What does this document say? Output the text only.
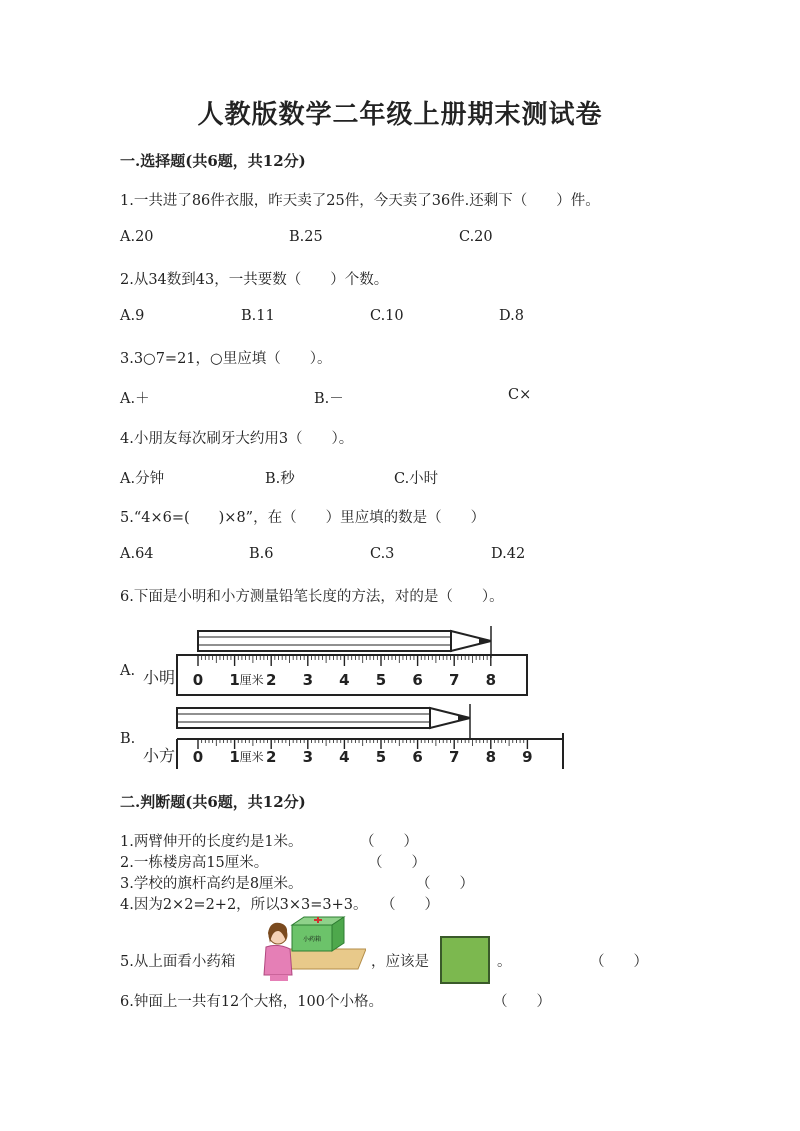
人教版数学二年级上册期末测试卷
一.选择题(共6题，共12分)
1.一共进了86件衣服，昨天卖了25件，今天卖了36件.还剩下（　　）件。
A.20	B.25	C.20
2.从34数到43，一共要数（　　）个数。
A.9	B.11	C.10	D.8
3.3○7=21，○里应填（　　）。
A.＋	B.－	C×
4.小朋友每次刷牙大约用3（　　）。
A.分钟	B.秒	C.小时
5.“4×6=(　　)×8”，在（　　）里应填的数是（　　）
A.64	B.6	C.3	D.42
6.下面是小明和小方测量铅笔长度的方法，对的是（　　）。
A.
B.
小明 0 1 厘米 2 3 4 5 6 7 8
小方 0 1 厘米 2 3 4 5 6 7 8 9
二.判断题(共6题，共12分)
1.两臂伸开的长度约是1米。	（　　）
2.一栋楼房高15厘米。	（　　）
3.学校的旗杆高约是8厘米。	（　　）
4.因为2×2=2+2，所以3×3=3+3。 （　　）
5.从上面看小药箱
小药箱
，应该是	。	（　　）
6.钟面上一共有12个大格，100个小格。	（　　）
